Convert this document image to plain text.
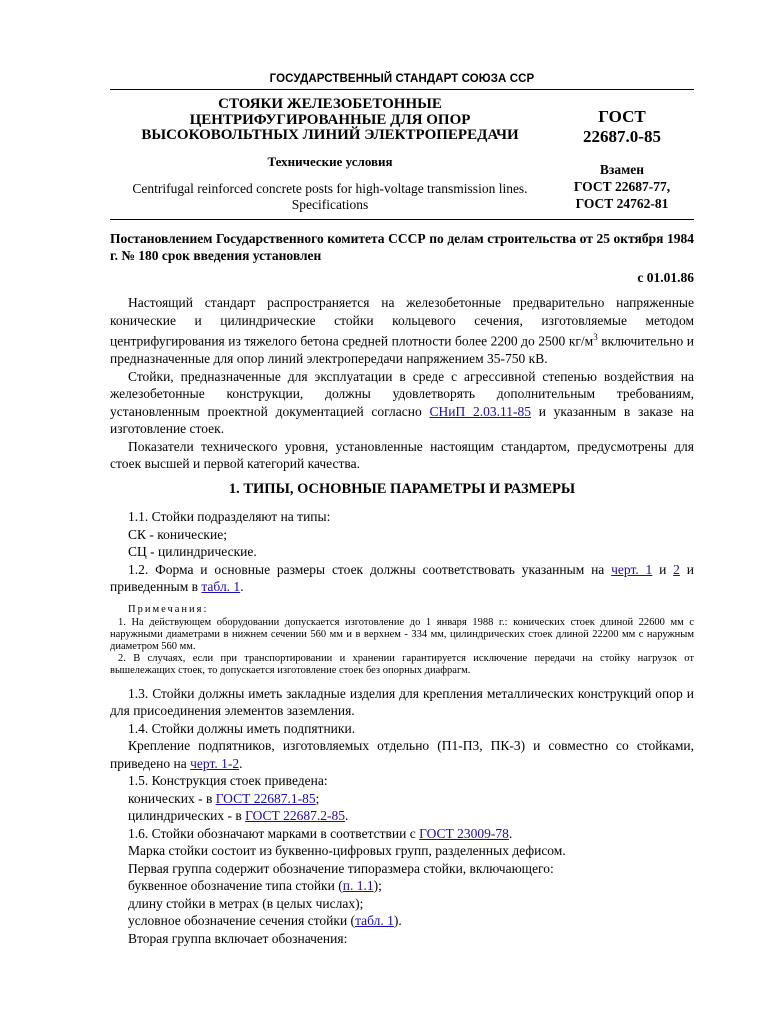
ГОСУДАРСТВЕННЫЙ СТАНДАРТ СОЮЗА ССР
СТОЯКИ ЖЕЛЕЗОБЕТОННЫЕ
ЦЕНТРИФУГИРОВАННЫЕ ДЛЯ ОПОР
ВЫСОКОВОЛЬТНЫХ ЛИНИЙ ЭЛЕКТРОПЕРЕДАЧИ
Технические условия
Centrifugal reinforced concrete posts for high-voltage transmission lines. Specifications
ГОСТ
22687.0-85
Взамен
ГОСТ 22687-77,
ГОСТ 24762-81
Постановлением Государственного комитета СССР по делам строительства от 25 октября 1984 г. № 180 срок введения установлен
с 01.01.86

Настоящий стандарт распространяется на железобетонные предварительно напряженные конические и цилиндрические стойки кольцевого сечения, изготовляемые методом центрифугирования из тяжелого бетона средней плотности более 2200 до 2500 $кг/м^3$ включительно и предназначенные для опор линий электропередачи напряжением 35-750 кВ.

Стойки, предназначенные для эксплуатации в среде с агрессивной степенью воздействия на железобетонные конструкции, должны удовлетворять дополнительным требованиям, установленным проектной документацией согласно СНиП 2.03.11-85 и указанным в заказе на изготовление стоек.

Показатели технического уровня, установленные настоящим стандартом, предусмотрены для стоек высшей и первой категорий качества.

1. ТИПЫ, ОСНОВНЫЕ ПАРАМЕТРЫ И РАЗМЕРЫ

1.1. Стойки подразделяют на типы:

СК - конические;

СЦ - цилиндрические.

1.2. Форма и основные размеры стоек должны соответствовать указанным на черт. 1 и 2 и приведенным в табл. 1.

Примечания:

1. На действующем оборудовании допускается изготовление до 1 января 1988 г.: конических стоек длиной 22600 мм с наружными диаметрами в нижнем сечении 560 мм и в верхнем - 334 мм, цилиндрических стоек длиной 22200 мм с наружным диаметром 560 мм.

2. В случаях, если при транспортировании и хранении гарантируется исключение передачи на стойку нагрузок от вышележащих стоек, то допускается изготовление стоек без опорных диафрагм.

1.3. Стойки должны иметь закладные изделия для крепления металлических конструкций опор и для присоединения элементов заземления.

1.4. Стойки должны иметь подпятники.

Крепление подпятников, изготовляемых отдельно (П1-П3, ПК-3) и совместно со стойками, приведено на черт. 1-2.

1.5. Конструкция стоек приведена:

конических - в ГОСТ 22687.1-85;

цилиндрических - в ГОСТ 22687.2-85.

1.6. Стойки обозначают марками в соответствии с ГОСТ 23009-78.

Марка стойки состоит из буквенно-цифровых групп, разделенных дефисом.

Первая группа содержит обозначение типоразмера стойки, включающего:

буквенное обозначение типа стойки (п. 1.1);

длину стойки в метрах (в целых числах);

условное обозначение сечения стойки (табл. 1).

Вторая группа включает обозначения:
